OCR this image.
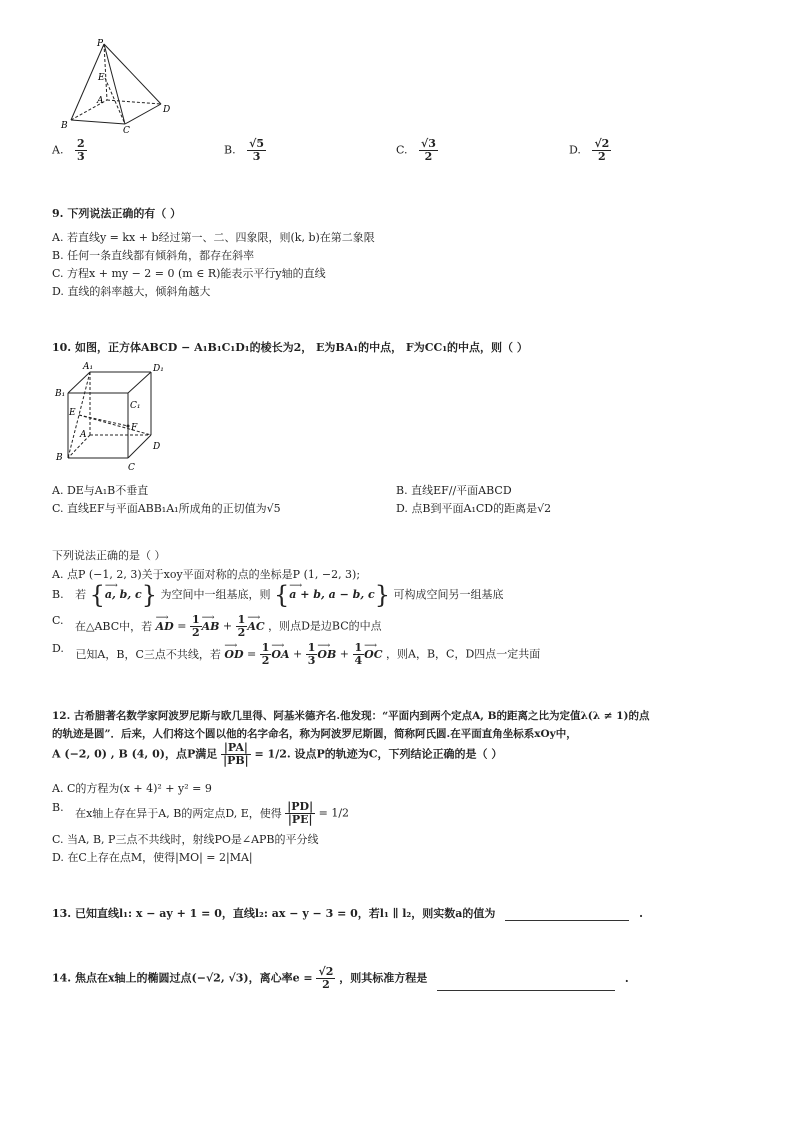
P
E
A
B	C
D
A. $\frac{2}{3}$	B. $\frac{√5}{3}$	C. $\frac{√3}{2}$	D. $\frac{√2}{2}$
9. 下列说法正确的有（ ）
A. 若直线y = kx + b经过第一、二、四象限，则(k, b)在第二象限
B. 任何一条直线都有倾斜角，都存在斜率
C. 方程x + my − 2 = 0 (m ∈ R)能表示平行y轴的直线
D. 直线的斜率越大，倾斜角越大
10. 如图，正方体ABCD − A₁B₁C₁D₁的棱长为2， E为BA₁的中点， F为CC₁的中点，则（ ）
A₁	D₁
B₁
C₁
E
F
A
D
B
C
A. DE与A₁B不垂直	B. 直线EF//平面ABCD
C. 直线EF与平面ABB₁A₁所成角的正切值为√5	D. 点B到平面A₁CD的距离是√2
下列说法正确的是（ ）
A. 点P (−1, 2, 3)关于xoy平面对称的点的坐标是P (1, −2, 3);
B. 若 {⟶ a, b, c} 为空间中一组基底，则 {⟶ a + b, a − b, c} 可构成空间另一组基底
C. 在△ABC中，若 ⟶ AD = $\frac{1}{2}$ ⟶ AB + $\frac{1}{2}$ ⟶ AC ，则点D是边BC的中点
D. 已知A，B，C三点不共线，若 ⟶ OD = $\frac{1}{2}$ ⟶ OA + $\frac{1}{3}$ ⟶ OB + $\frac{1}{4}$ ⟶ OC ，则A，B，C，D四点一定共面
12. 古希腊著名数学家阿波罗尼斯与欧几里得、阿基米德齐名.他发现：“平面内到两个定点A, B的距离之比为定值λ(λ ≠ 1)的点
的轨迹是圆”．后来，人们将这个圆以他的名字命名，称为阿波罗尼斯圆，简称阿氏圆.在平面直角坐标系xOy中，
A (−2, 0) , B (4, 0)，点P满足 $\frac{|PA|}{|PB|} = 1/2$. 设点P的轨迹为C，下列结论正确的是（ ）
A. C的方程为(x + 4)² + y² = 9
B. 在x轴上存在异于A, B的两定点D, E，使得 $\frac{|PD|}{|PE|} = 1/2$
C. 当A, B, P三点不共线时，射线PO是∠APB的平分线
D. 在C上存在点M，使得|MO| = 2|MA|
13. 已知直线l₁: x − ay + 1 = 0，直线l₂: ax − y − 3 = 0，若l₁ ∥ l₂，则实数a的值为	.
14. 焦点在x轴上的椭圆过点(−√2, √3)，离心率$e = \frac{√2}{2}$ ，则其标准方程是	.
